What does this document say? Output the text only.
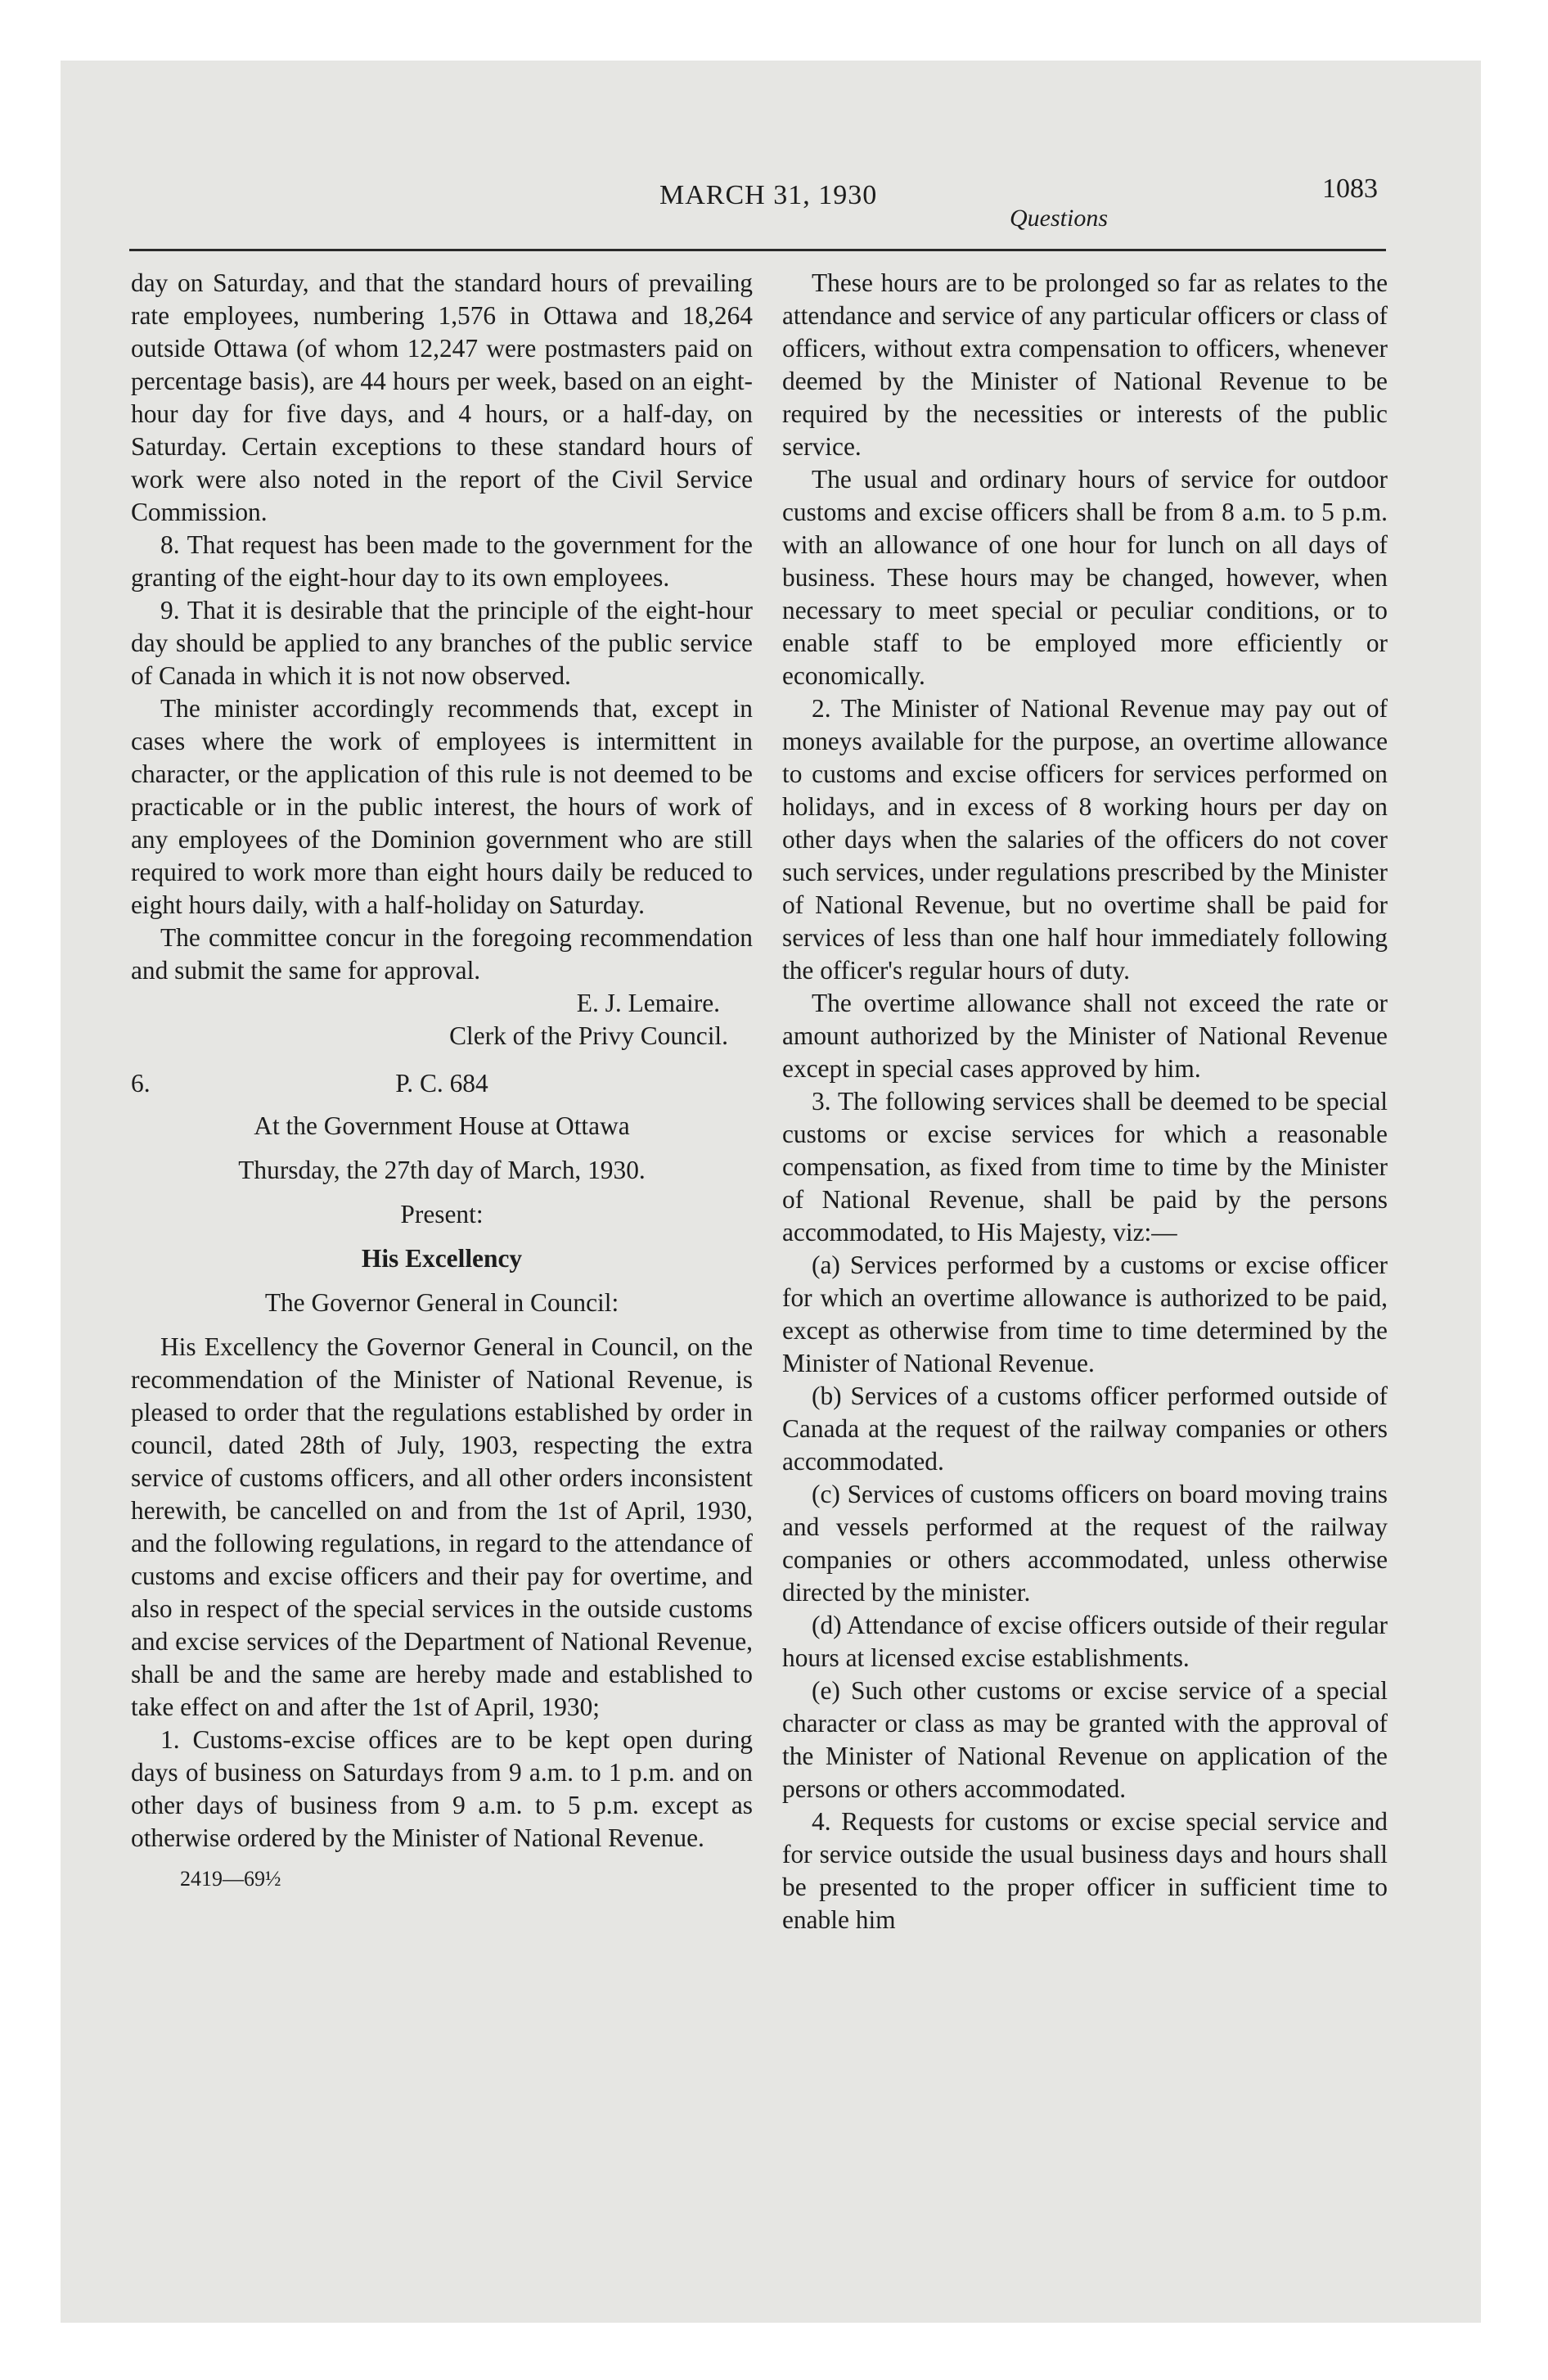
MARCH 31, 1930
Questions
1083

day on Saturday, and that the standard hours of prevailing rate employees, numbering 1,576 in Ottawa and 18,264 outside Ottawa (of whom 12,247 were postmasters paid on percentage basis), are 44 hours per week, based on an eight-hour day for five days, and 4 hours, or a half-day, on Saturday. Certain exceptions to these standard hours of work were also noted in the report of the Civil Service Commission.

8. That request has been made to the government for the granting of the eight-hour day to its own employees.

9. That it is desirable that the principle of the eight-hour day should be applied to any branches of the public service of Canada in which it is not now observed.

The minister accordingly recommends that, except in cases where the work of employees is intermittent in character, or the application of this rule is not deemed to be practicable or in the public interest, the hours of work of any employees of the Dominion government who are still required to work more than eight hours daily be reduced to eight hours daily, with a half-holiday on Saturday.

The committee concur in the foregoing recommendation and submit the same for approval.

E. J. Lemaire.

Clerk of the Privy Council.

6.	P. C. 684
At the Government House at Ottawa
Thursday, the 27th day of March, 1930.
Present:
His Excellency
The Governor General in Council:

His Excellency the Governor General in Council, on the recommendation of the Minister of National Revenue, is pleased to order that the regulations established by order in council, dated 28th of July, 1903, respecting the extra service of customs officers, and all other orders inconsistent herewith, be cancelled on and from the 1st of April, 1930, and the following regulations, in regard to the attendance of customs and excise officers and their pay for overtime, and also in respect of the special services in the outside customs and excise services of the Department of National Revenue, shall be and the same are hereby made and established to take effect on and after the 1st of April, 1930;

1. Customs-excise offices are to be kept open during days of business on Saturdays from 9 a.m. to 1 p.m. and on other days of business from 9 a.m. to 5 p.m. except as otherwise ordered by the Minister of National Revenue.

2419—69½

These hours are to be prolonged so far as relates to the attendance and service of any particular officers or class of officers, without extra compensation to officers, whenever deemed by the Minister of National Revenue to be required by the necessities or interests of the public service.

The usual and ordinary hours of service for outdoor customs and excise officers shall be from 8 a.m. to 5 p.m. with an allowance of one hour for lunch on all days of business. These hours may be changed, however, when necessary to meet special or peculiar conditions, or to enable staff to be employed more efficiently or economically.

2. The Minister of National Revenue may pay out of moneys available for the purpose, an overtime allowance to customs and excise officers for services performed on holidays, and in excess of 8 working hours per day on other days when the salaries of the officers do not cover such services, under regulations prescribed by the Minister of National Revenue, but no overtime shall be paid for services of less than one half hour immediately following the officer's regular hours of duty.

The overtime allowance shall not exceed the rate or amount authorized by the Minister of National Revenue except in special cases approved by him.

3. The following services shall be deemed to be special customs or excise services for which a reasonable compensation, as fixed from time to time by the Minister of National Revenue, shall be paid by the persons accommodated, to His Majesty, viz:—

(a) Services performed by a customs or excise officer for which an overtime allowance is authorized to be paid, except as otherwise from time to time determined by the Minister of National Revenue.

(b) Services of a customs officer performed outside of Canada at the request of the railway companies or others accommodated.

(c) Services of customs officers on board moving trains and vessels performed at the request of the railway companies or others accommodated, unless otherwise directed by the minister.

(d) Attendance of excise officers outside of their regular hours at licensed excise establishments.

(e) Such other customs or excise service of a special character or class as may be granted with the approval of the Minister of National Revenue on application of the persons or others accommodated.

4. Requests for customs or excise special service and for service outside the usual business days and hours shall be presented to the proper officer in sufficient time to enable him
